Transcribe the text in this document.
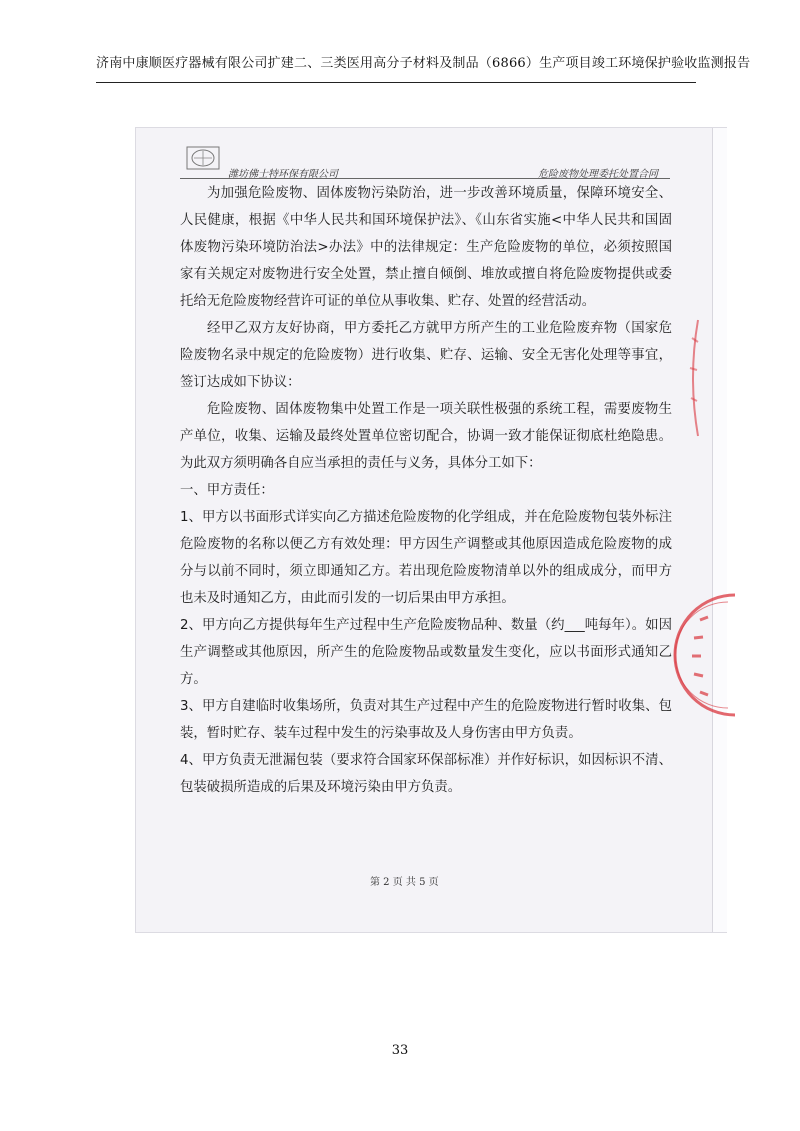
济南中康顺医疗器械有限公司扩建二、三类医用高分子材料及制品（6866）生产项目竣工环境保护验收监测报告
潍坊佛士特环保有限公司	危险废物处理委托处置合同

为加强危险废物、固体废物污染防治，进一步改善环境质量，保障环境安全、人民健康，根据《中华人民共和国环境保护法》、《山东省实施<中华人民共和国固体废物污染环境防治法>办法》中的法律规定：生产危险废物的单位，必须按照国家有关规定对废物进行安全处置，禁止擅自倾倒、堆放或擅自将危险废物提供或委托给无危险废物经营许可证的单位从事收集、贮存、处置的经营活动。

经甲乙双方友好协商，甲方委托乙方就甲方所产生的工业危险废弃物（国家危险废物名录中规定的危险废物）进行收集、贮存、运输、安全无害化处理等事宜，签订达成如下协议：

危险废物、固体废物集中处置工作是一项关联性极强的系统工程，需要废物生产单位，收集、运输及最终处置单位密切配合，协调一致才能保证彻底杜绝隐患。为此双方须明确各自应当承担的责任与义务，具体分工如下：

一、甲方责任：

1、甲方以书面形式详实向乙方描述危险废物的化学组成，并在危险废物包装外标注危险废物的名称以便乙方有效处理：甲方因生产调整或其他原因造成危险废物的成分与以前不同时，须立即通知乙方。若出现危险废物清单以外的组成成分，而甲方也未及时通知乙方，由此而引发的一切后果由甲方承担。

2、甲方向乙方提供每年生产过程中生产危险废物品种、数量（约___吨每年）。如因生产调整或其他原因，所产生的危险废物品或数量发生变化，应以书面形式通知乙方。

3、甲方自建临时收集场所，负责对其生产过程中产生的危险废物进行暂时收集、包装，暂时贮存、装车过程中发生的污染事故及人身伤害由甲方负责。

4、甲方负责无泄漏包装（要求符合国家环保部标准）并作好标识，如因标识不清、包装破损所造成的后果及环境污染由甲方负责。

第 2 页 共 5 页
33
